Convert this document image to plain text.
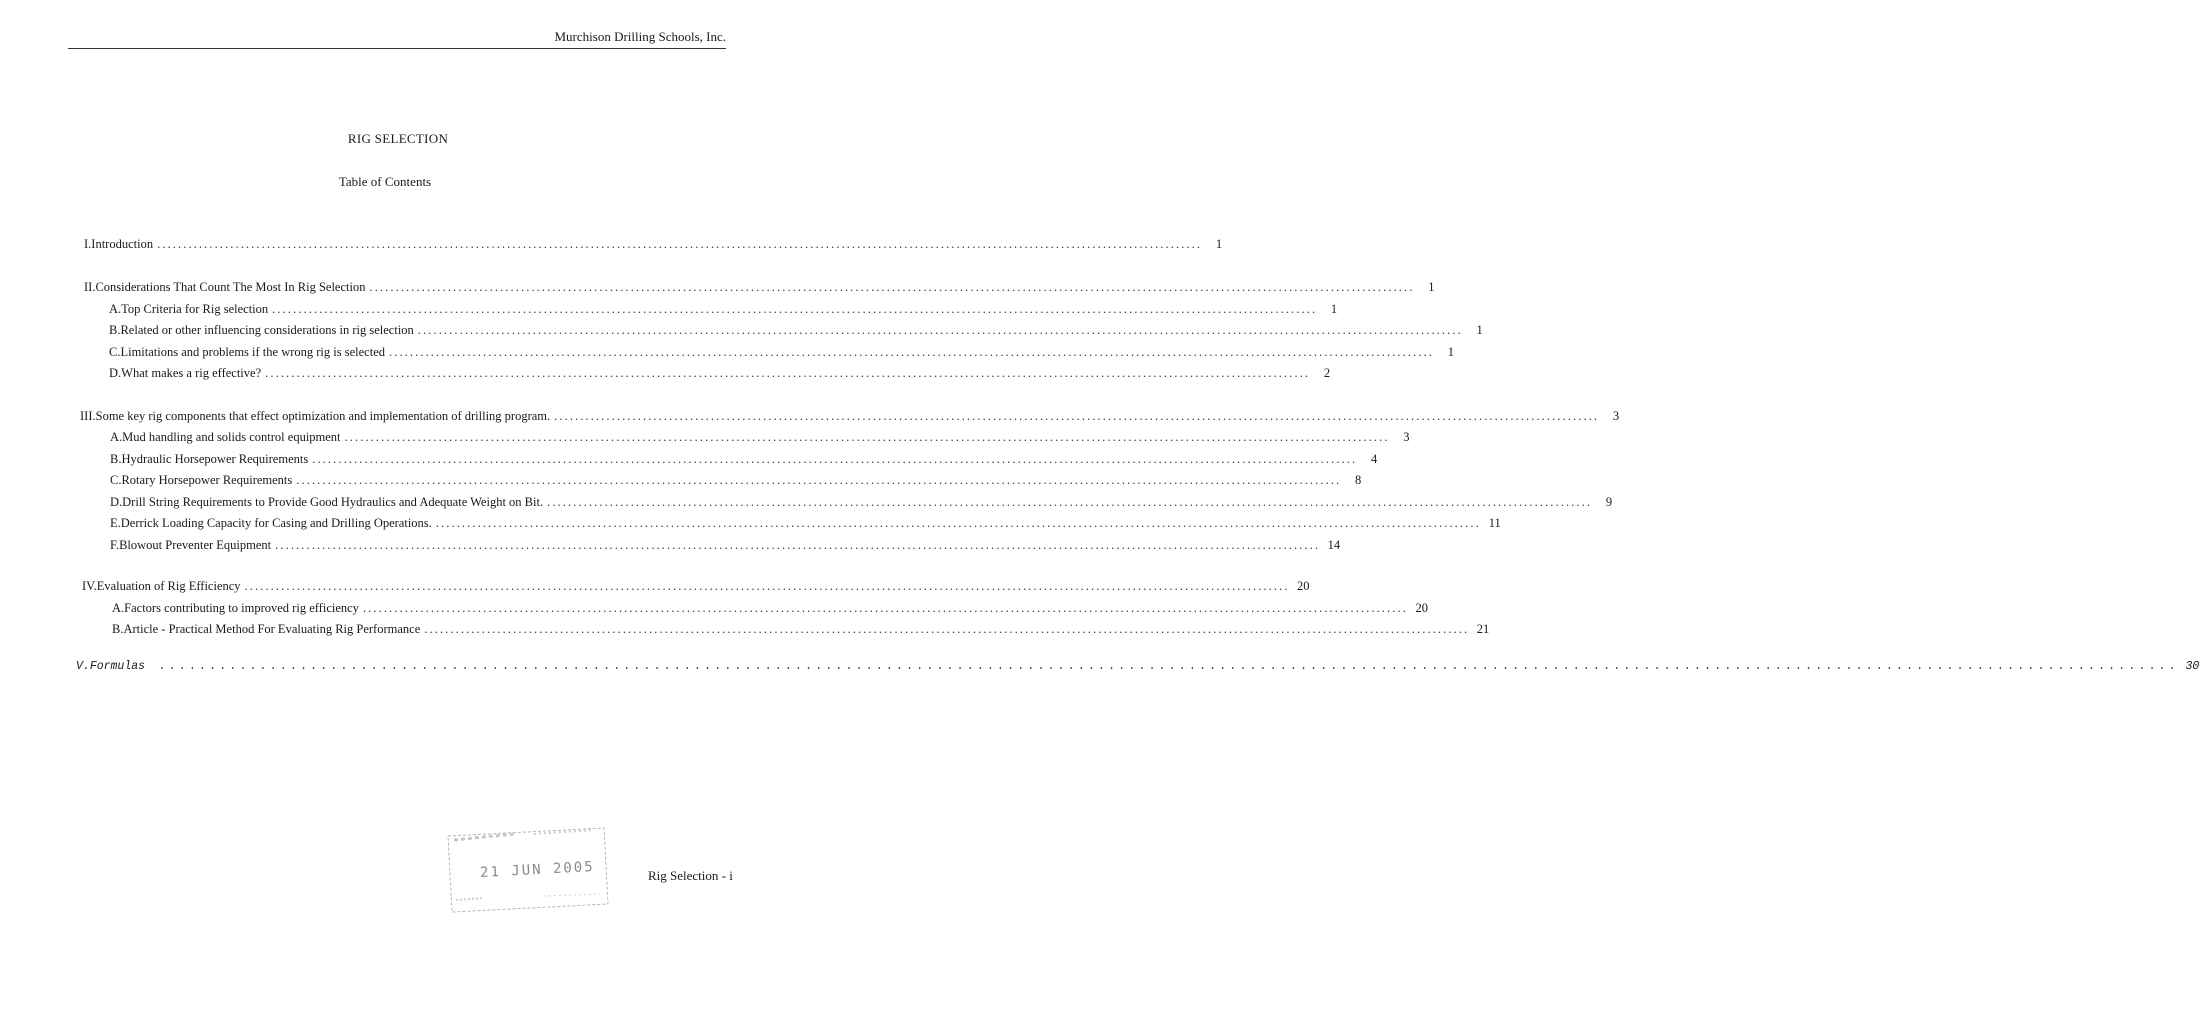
Murchison Drilling Schools, Inc.
RIG SELECTION
Table of Contents
I. Introduction ........................................................................................................................................................................................................	1
II. Considerations That Count The Most In Rig Selection ........................................................................................................................................................................................................	1
A. Top Criteria for Rig selection ........................................................................................................................................................................................................	1
B. Related or other influencing considerations in rig selection ........................................................................................................................................................................................................	1
C. Limitations and problems if the wrong rig is selected ........................................................................................................................................................................................................	1
D. What makes a rig effective? ........................................................................................................................................................................................................	2
III. Some key rig components that effect optimization and implementation of drilling program. ........................................................................................................................................................................................................	3
A. Mud handling and solids control equipment ........................................................................................................................................................................................................	3
B. Hydraulic Horsepower Requirements ........................................................................................................................................................................................................	4
C. Rotary Horsepower Requirements ........................................................................................................................................................................................................	8
D. Drill String Requirements to Provide Good Hydraulics and Adequate Weight on Bit. ........................................................................................................................................................................................................	9
E. Derrick Loading Capacity for Casing and Drilling Operations. ........................................................................................................................................................................................................ 11
F. Blowout Preventer Equipment ........................................................................................................................................................................................................ 14
IV. Evaluation of Rig Efficiency ........................................................................................................................................................................................................ 20
A. Factors contributing to improved rig efficiency ........................................................................................................................................................................................................ 20
B. Article - Practical Method For Evaluating Rig Performance ........................................................................................................................................................................................................ 21
V. Formulas ........................................................................................................................................................................................................ 30
21 JUN 2005	Rig Selection - i
